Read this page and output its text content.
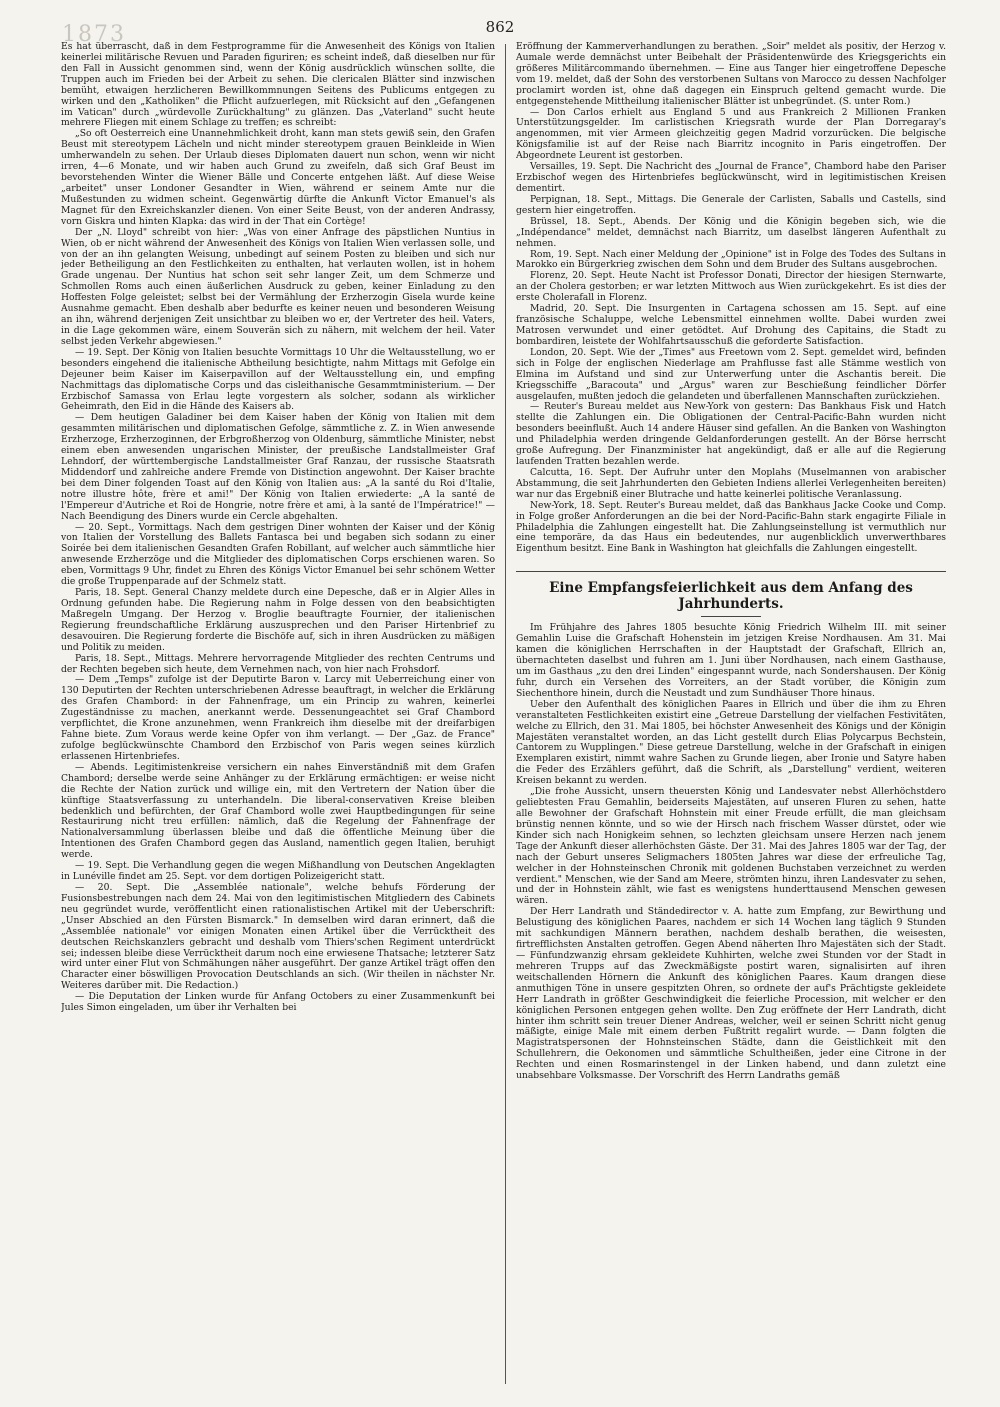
1873	862

Es hat überrascht, daß in dem Festprogramme für die Anwesenheit des Königs von Italien keinerlei militärische Revuen und Paraden figuriren; es scheint indeß, daß dieselben nur für den Fall in Aussicht genommen sind, wenn der König ausdrücklich wünschen sollte, die Truppen auch im Frieden bei der Arbeit zu sehen. Die clericalen Blätter sind inzwischen bemüht, etwaigen herzlicheren Bewillkommnungen Seitens des Publicums entgegen zu wirken und den „Katholiken" die Pflicht aufzuerlegen, mit Rücksicht auf den „Gefangenen im Vatican" durch „würdevolle Zurückhaltung" zu glänzen. Das „Vaterland" sucht heute mehrere Fliegen mit einem Schlage zu treffen; es schreibt:

„So oft Oesterreich eine Unannehmlichkeit droht, kann man stets gewiß sein, den Grafen Beust mit stereotypem Lächeln und nicht minder stereotypem grauen Beinkleide in Wien umherwandeln zu sehen. Der Urlaub dieses Diplomaten dauert nun schon, wenn wir nicht irren, 4—6 Monate, und wir haben auch Grund zu zweifeln, daß sich Graf Beust im bevorstehenden Winter die Wiener Bälle und Concerte entgehen läßt. Auf diese Weise „arbeitet" unser Londoner Gesandter in Wien, während er seinem Amte nur die Mußestunden zu widmen scheint. Gegenwärtig dürfte die Ankunft Victor Emanuel's als Magnet für den Exreichskanzler dienen. Von einer Seite Beust, von der anderen Andrassy, vorn Giskra und hinten Klapka: das wird in der That ein Cortège!

Der „N. Lloyd" schreibt von hier: „Was von einer Anfrage des päpstlichen Nuntius in Wien, ob er nicht während der Anwesenheit des Königs von Italien Wien verlassen solle, und von der an ihn gelangten Weisung, unbedingt auf seinem Posten zu bleiben und sich nur jeder Betheiligung an den Festlichkeiten zu enthalten, hat verlauten wollen, ist in hohem Grade ungenau. Der Nuntius hat schon seit sehr langer Zeit, um dem Schmerze und Schmollen Roms auch einen äußerlichen Ausdruck zu geben, keiner Einladung zu den Hoffesten Folge geleistet; selbst bei der Vermählung der Erzherzogin Gisela wurde keine Ausnahme gemacht. Eben deshalb aber bedurfte es keiner neuen und besonderen Weisung an ihn, während derjenigen Zeit unsichtbar zu bleiben wo er, der Vertreter des heil. Vaters, in die Lage gekommen wäre, einem Souverän sich zu nähern, mit welchem der heil. Vater selbst jeden Verkehr abgewiesen."

— 19. Sept. Der König von Italien besuchte Vormittags 10 Uhr die Weltausstellung, wo er besonders eingehend die italienische Abtheilung besichtigte, nahm Mittags mit Gefolge ein Dejeuner beim Kaiser im Kaiserpavillon auf der Weltausstellung ein, und empfing Nachmittags das diplomatische Corps und das cisleithanische Gesammtministerium. — Der Erzbischof Samassa von Erlau legte vorgestern als solcher, sodann als wirklicher Geheimrath, den Eid in die Hände des Kaisers ab.

— Dem heutigen Galadiner bei dem Kaiser haben der König von Italien mit dem gesammten militärischen und diplomatischen Gefolge, sämmtliche z. Z. in Wien anwesende Erzherzoge, Erzherzoginnen, der Erbgroßherzog von Oldenburg, sämmtliche Minister, nebst einem eben anwesenden ungarischen Minister, der preußische Landstallmeister Graf Lehndorf, der württembergische Landstallmeister Graf Ranzau, der russische Staatsrath Middendorf und zahlreiche andere Fremde von Distinction angewohnt. Der Kaiser brachte bei dem Diner folgenden Toast auf den König von Italien aus: „A la santé du Roi d'Italie, notre illustre hôte, frère et ami!" Der König von Italien erwiederte: „A la santé de l'Empereur d'Autriche et Roi de Hongrie, notre frère et ami, à la santé de l'Impératrice!" — Nach Beendigung des Diners wurde ein Cercle abgehalten.

— 20. Sept., Vormittags. Nach dem gestrigen Diner wohnten der Kaiser und der König von Italien der Vorstellung des Ballets Fantasca bei und begaben sich sodann zu einer Soirée bei dem italienischen Gesandten Grafen Robillant, auf welcher auch sämmtliche hier anwesende Erzherzöge und die Mitglieder des diplomatischen Corps erschienen waren. So eben, Vormittags 9 Uhr, findet zu Ehren des Königs Victor Emanuel bei sehr schönem Wetter die große Truppenparade auf der Schmelz statt.

Paris, 18. Sept. General Chanzy meldete durch eine Depesche, daß er in Algier Alles in Ordnung gefunden habe. Die Regierung nahm in Folge dessen von den beabsichtigten Maßregeln Umgang. Der Herzog v. Broglie beauftragte Fournier, der italienischen Regierung freundschaftliche Erklärung auszusprechen und den Pariser Hirtenbrief zu desavouiren. Die Regierung forderte die Bischöfe auf, sich in ihren Ausdrücken zu mäßigen und Politik zu meiden.

Paris, 18. Sept., Mittags. Mehrere hervorragende Mitglieder des rechten Centrums und der Rechten begeben sich heute, dem Vernehmen nach, von hier nach Frohsdorf.

— Dem „Temps" zufolge ist der Deputirte Baron v. Larcy mit Ueberreichung einer von 130 Deputirten der Rechten unterschriebenen Adresse beauftragt, in welcher die Erklärung des Grafen Chambord: in der Fahnenfrage, um ein Princip zu wahren, keinerlei Zugeständnisse zu machen, anerkannt werde. Dessenungeachtet sei Graf Chambord verpflichtet, die Krone anzunehmen, wenn Frankreich ihm dieselbe mit der dreifarbigen Fahne biete. Zum Voraus werde keine Opfer von ihm verlangt. — Der „Gaz. de France" zufolge beglückwünschte Chambord den Erzbischof von Paris wegen seines kürzlich erlassenen Hirtenbriefes.

— Abends. Legitimistenkreise versichern ein nahes Einverständniß mit dem Grafen Chambord; derselbe werde seine Anhänger zu der Erklärung ermächtigen: er weise nicht die Rechte der Nation zurück und willige ein, mit den Vertretern der Nation über die künftige Staatsverfassung zu unterhandeln. Die liberal-conservativen Kreise bleiben bedenklich und befürchten, der Graf Chambord wolle zwei Hauptbedingungen für seine Restaurirung nicht treu erfüllen: nämlich, daß die Regelung der Fahnenfrage der Nationalversammlung überlassen bleibe und daß die öffentliche Meinung über die Intentionen des Grafen Chambord gegen das Ausland, namentlich gegen Italien, beruhigt werde.

— 19. Sept. Die Verhandlung gegen die wegen Mißhandlung von Deutschen Angeklagten in Lunéville findet am 25. Sept. vor dem dortigen Polizeigericht statt.

— 20. Sept. Die „Assemblée nationale", welche behufs Förderung der Fusionsbestrebungen nach dem 24. Mai von den legitimistischen Mitgliedern des Cabinets neu gegründet wurde, veröffentlicht einen rationalistischen Artikel mit der Ueberschrift: „Unser Abschied an den Fürsten Bismarck." In demselben wird daran erinnert, daß die „Assemblée nationale" vor einigen Monaten einen Artikel über die Verrücktheit des deutschen Reichskanzlers gebracht und deshalb vom Thiers'schen Regiment unterdrückt sei; indessen bleibe diese Verrücktheit darum noch eine erwiesene Thatsache; letzterer Satz wird unter einer Flut von Schmähungen näher ausgeführt. Der ganze Artikel trägt offen den Character einer böswilligen Provocation Deutschlands an sich. (Wir theilen in nächster Nr. Weiteres darüber mit. Die Redaction.)

— Die Deputation der Linken wurde für Anfang Octobers zu einer Zusammenkunft bei Jules Simon eingeladen, um über ihr Verhalten bei

Eröffnung der Kammerverhandlungen zu berathen. „Soir" meldet als positiv, der Herzog v. Aumale werde demnächst unter Beibehalt der Präsidentenwürde des Kriegsgerichts ein größeres Militärcommando übernehmen. — Eine aus Tanger hier eingetroffene Depesche vom 19. meldet, daß der Sohn des verstorbenen Sultans von Marocco zu dessen Nachfolger proclamirt worden ist, ohne daß dagegen ein Einspruch geltend gemacht wurde. Die entgegenstehende Mittheilung italienischer Blätter ist unbegründet. (S. unter Rom.)

— Don Carlos erhielt aus England 5 und aus Frankreich 2 Millionen Franken Unterstützungsgelder. Im carlistischen Kriegsrath wurde der Plan Dorregaray's angenommen, mit vier Armeen gleichzeitig gegen Madrid vorzurücken. Die belgische Königsfamilie ist auf der Reise nach Biarritz incognito in Paris eingetroffen. Der Abgeordnete Leurent ist gestorben.

Versailles, 19. Sept. Die Nachricht des „Journal de France", Chambord habe den Pariser Erzbischof wegen des Hirtenbriefes beglückwünscht, wird in legitimistischen Kreisen dementirt.

Perpignan, 18. Sept., Mittags. Die Generale der Carlisten, Saballs und Castells, sind gestern hier eingetroffen.

Brüssel, 18. Sept., Abends. Der König und die Königin begeben sich, wie die „Indépendance" meldet, demnächst nach Biarritz, um daselbst längeren Aufenthalt zu nehmen.

Rom, 19. Sept. Nach einer Meldung der „Opinione" ist in Folge des Todes des Sultans in Marokko ein Bürgerkrieg zwischen dem Sohn und dem Bruder des Sultans ausgebrochen.

Florenz, 20. Sept. Heute Nacht ist Professor Donati, Director der hiesigen Sternwarte, an der Cholera gestorben; er war letzten Mittwoch aus Wien zurückgekehrt. Es ist dies der erste Cholerafall in Florenz.

Madrid, 20. Sept. Die Insurgenten in Cartagena schossen am 15. Sept. auf eine französische Schaluppe, welche Lebensmittel einnehmen wollte. Dabei wurden zwei Matrosen verwundet und einer getödtet. Auf Drohung des Capitains, die Stadt zu bombardiren, leistete der Wohlfahrtsausschuß die geforderte Satisfaction.

London, 20. Sept. Wie der „Times" aus Freetown vom 2. Sept. gemeldet wird, befinden sich in Folge der englischen Niederlage am Prahflusse fast alle Stämme westlich von Elmina im Aufstand und sind zur Unterwerfung unter die Aschantis bereit. Die Kriegsschiffe „Baracouta" und „Argus" waren zur Beschießung feindlicher Dörfer ausgelaufen, mußten jedoch die gelandeten und überfallenen Mannschaften zurückziehen.

— Reuter's Bureau meldet aus New-York von gestern: Das Bankhaus Fisk und Hatch stellte die Zahlungen ein. Die Obligationen der Central-Pacific-Bahn wurden nicht besonders beeinflußt. Auch 14 andere Häuser sind gefallen. An die Banken von Washington und Philadelphia werden dringende Geldanforderungen gestellt. An der Börse herrscht große Aufregung. Der Finanzminister hat angekündigt, daß er alle auf die Regierung laufenden Tratten bezahlen werde.

Calcutta, 16. Sept. Der Aufruhr unter den Moplahs (Muselmannen von arabischer Abstammung, die seit Jahrhunderten den Gebieten Indiens allerlei Verlegenheiten bereiten) war nur das Ergebniß einer Blutrache und hatte keinerlei politische Veranlassung.

New-York, 18. Sept. Reuter's Bureau meldet, daß das Bankhaus Jacke Cooke und Comp. in Folge großer Anforderungen an die bei der Nord-Pacific-Bahn stark engagirte Filiale in Philadelphia die Zahlungen eingestellt hat. Die Zahlungseinstellung ist vermuthlich nur eine temporäre, da das Haus ein bedeutendes, nur augenblicklich unverwerthbares Eigenthum besitzt. Eine Bank in Washington hat gleichfalls die Zahlungen eingestellt.

Eine Empfangsfeierlichkeit aus dem Anfang des Jahrhunderts.

Im Frühjahre des Jahres 1805 besuchte König Friedrich Wilhelm III. mit seiner Gemahlin Luise die Grafschaft Hohenstein im jetzigen Kreise Nordhausen. Am 31. Mai kamen die königlichen Herrschaften in der Hauptstadt der Grafschaft, Ellrich an, übernachteten daselbst und fuhren am 1. Juni über Nordhausen, nach einem Gasthause, um im Gasthaus „zu den drei Linden" eingespannt wurde, nach Sondershausen. Der König fuhr, durch ein Versehen des Vorreiters, an der Stadt vorüber, die Königin zum Siechenthore hinein, durch die Neustadt und zum Sundhäuser Thore hinaus.

Ueber den Aufenthalt des königlichen Paares in Ellrich und über die ihm zu Ehren veranstalteten Festlichkeiten existirt eine „Getreue Darstellung der vielfachen Festivitäten, welche zu Ellrich, den 31. Mai 1805, bei höchster Anwesenheit des Königs und der Königin Majestäten veranstaltet worden, an das Licht gestellt durch Elias Polycarpus Bechstein, Cantorem zu Wupplingen." Diese getreue Darstellung, welche in der Grafschaft in einigen Exemplaren existirt, nimmt wahre Sachen zu Grunde liegen, aber Ironie und Satyre haben die Feder des Erzählers geführt, daß die Schrift, als „Darstellung" verdient, weiteren Kreisen bekannt zu werden.

„Die frohe Aussicht, unsern theuersten König und Landesvater nebst Allerhöchstdero geliebtesten Frau Gemahlin, beiderseits Majestäten, auf unseren Fluren zu sehen, hatte alle Bewohner der Grafschaft Hohnstein mit einer Freude erfüllt, die man gleichsam brünstig nennen könnte, und so wie der Hirsch nach frischem Wasser dürstet, oder wie Kinder sich nach Honigkeim sehnen, so lechzten gleichsam unsere Herzen nach jenem Tage der Ankunft dieser allerhöchsten Gäste. Der 31. Mai des Jahres 1805 war der Tag, der nach der Geburt unseres Seligmachers 1805ten Jahres war diese der erfreuliche Tag, welcher in der Hohnsteinschen Chronik mit goldenen Buchstaben verzeichnet zu werden verdient." Menschen, wie der Sand am Meere, strömten hinzu, ihren Landesvater zu sehen, und der in Hohnstein zählt, wie fast es wenigstens hunderttausend Menschen gewesen wären.

Der Herr Landrath und Ständedirector v. A. hatte zum Empfang, zur Bewirthung und Belustigung des königlichen Paares, nachdem er sich 14 Wochen lang täglich 9 Stunden mit sachkundigen Männern berathen, nachdem deshalb berathen, die weisesten, firtrefflichsten Anstalten getroffen. Gegen Abend näherten Ihro Majestäten sich der Stadt. — Fünfundzwanzig ehrsam gekleidete Kuhhirten, welche zwei Stunden vor der Stadt in mehreren Trupps auf das Zweckmäßigste postirt waren, signalisirten auf ihren weitschallenden Hörnern die Ankunft des königlichen Paares. Kaum drangen diese anmuthigen Töne in unsere gespitzten Ohren, so ordnete der auf's Prächtigste gekleidete Herr Landrath in größter Geschwindigkeit die feierliche Procession, mit welcher er den königlichen Personen entgegen gehen wollte. Den Zug eröffnete der Herr Landrath, dicht hinter ihm schritt sein treuer Diener Andreas, welcher, weil er seinen Schritt nicht genug mäßigte, einige Male mit einem derben Fußtritt regalirt wurde. — Dann folgten die Magistratspersonen der Hohnsteinschen Städte, dann die Geistlichkeit mit den Schullehrern, die Oekonomen und sämmtliche Schultheißen, jeder eine Citrone in der Rechten und einen Rosmarinstengel in der Linken habend, und dann zuletzt eine unabsehbare Volksmasse. Der Vorschrift des Herrn Landraths gemäß
